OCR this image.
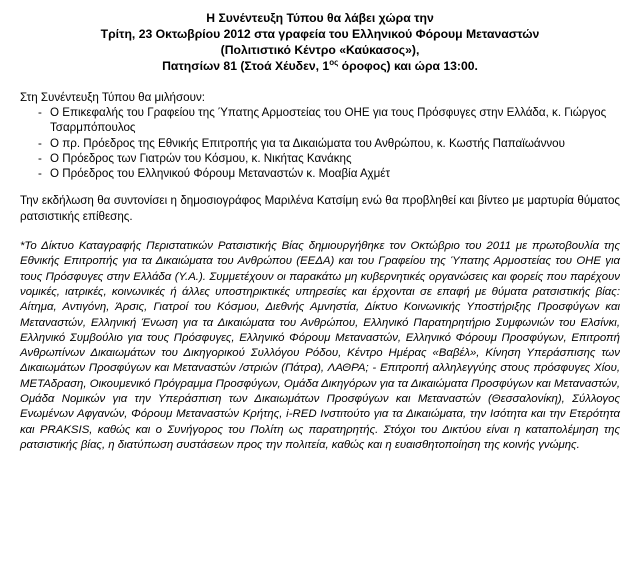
Η Συνέντευξη Τύπου θα λάβει χώρα την
Τρίτη, 23 Οκτωβρίου 2012 στα γραφεία του Ελληνικού Φόρουμ Μεταναστών
(Πολιτιστικό Κέντρο «Καύκασος»),
Πατησίων 81 (Στοά Χέυδεν, $1^{o\varsigma}$ όροφος) και ώρα 13:00.
Στη Συνέντευξη Τύπου θα μιλήσουν:
- Ο Επικεφαλής του Γραφείου της Ύπατης Αρμοστείας του ΟΗΕ για τους Πρόσφυγες στην Ελλάδα, κ. Γιώργος Τσαρμπόπουλος
- Ο πρ. Πρόεδρος της Εθνικής Επιτροπής για τα Δικαιώματα του Ανθρώπου, κ. Κωστής Παπαϊωάννου
- Ο Πρόεδρος των Γιατρών του Κόσμου, κ. Νικήτας Κανάκης
- Ο Πρόεδρος του Ελληνικού Φόρουμ Μεταναστών κ. Μοαβία Αχμέτ
Την εκδήλωση θα συντονίσει η δημοσιογράφος Μαριλένα Κατσίμη ενώ θα προβληθεί και βίντεο με μαρτυρία θύματος ρατσιστικής επίθεσης.
*Το Δίκτυο Καταγραφής Περιστατικών Ρατσιστικής Βίας δημιουργήθηκε τον Οκτώβριο του 2011 με πρωτοβουλία της Εθνικής Επιτροπής για τα Δικαιώματα του Ανθρώπου (ΕΕΔΑ) και του Γραφείου της Ύπατης Αρμοστείας του ΟΗΕ για τους Πρόσφυγες στην Ελλάδα (Υ.Α.). Συμμετέχουν οι παρακάτω μη κυβερνητικές οργανώσεις και φορείς που παρέχουν νομικές, ιατρικές, κοινωνικές ή άλλες υποστηρικτικές υπηρεσίες και έρχονται σε επαφή με θύματα ρατσιστικής βίας: Αίτημα, Αντιγόνη, Άρσις, Γιατροί του Κόσμου, Διεθνής Αμνηστία, Δίκτυο Κοινωνικής Υποστήριξης Προσφύγων και Μεταναστών, Ελληνική Ένωση για τα Δικαιώματα του Ανθρώπου, Ελληνικό Παρατηρητήριο Συμφωνιών του Ελσίνκι, Ελληνικό Συμβούλιο για τους Πρόσφυγες, Ελληνικό Φόρουμ Μεταναστών, Ελληνικό Φόρουμ Προσφύγων, Επιτροπή Ανθρωπίνων Δικαιωμάτων του Δικηγορικού Συλλόγου Ρόδου, Κέντρο Ημέρας «Βαβέλ», Κίνηση Υπεράσπισης των Δικαιωμάτων Προσφύγων και Μεταναστών /στριών (Πάτρα), ΛΑΘΡΑ; - Επιτροπή αλληλεγγύης στους πρόσφυγες Χίου, ΜΕΤΑδραση, Οικουμενικό Πρόγραμμα Προσφύγων, Ομάδα Δικηγόρων για τα Δικαιώματα Προσφύγων και Μεταναστών, Ομάδα Νομικών για την Υπεράσπιση των Δικαιωμάτων Προσφύγων και Μεταναστών (Θεσσαλονίκη), Σύλλογος Ενωμένων Αφγανών, Φόρουμ Μεταναστών Κρήτης, i-RED Ινστιτούτο για τα Δικαιώματα, την Ισότητα και την Ετερότητα και PRAKSIS, καθώς και ο Συνήγορος του Πολίτη ως παρατηρητής. Στόχοι του Δικτύου είναι η καταπολέμηση της ρατσιστικής βίας, η διατύπωση συστάσεων προς την πολιτεία, καθώς και η ευαισθητοποίηση της κοινής γνώμης.
